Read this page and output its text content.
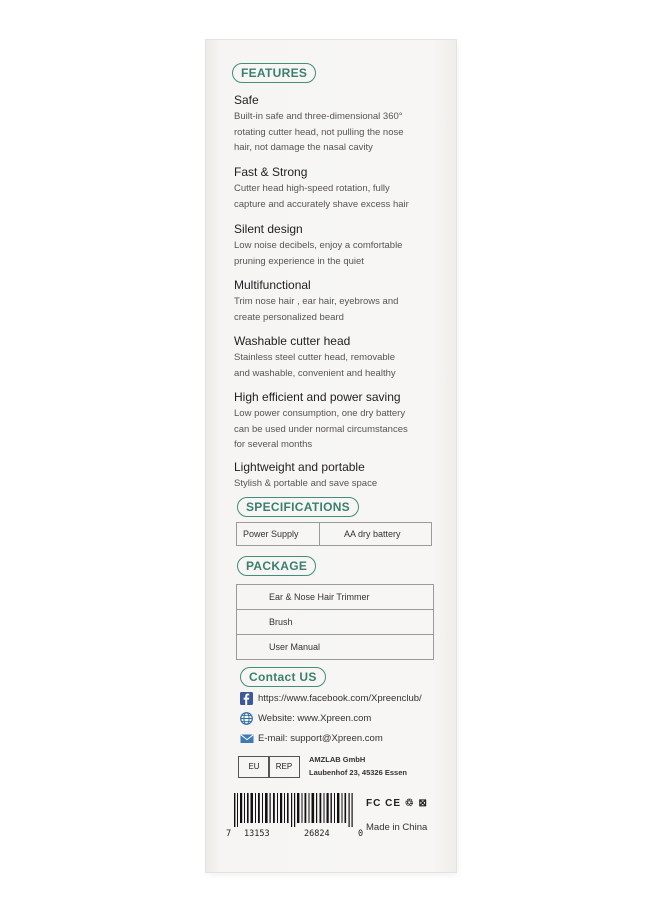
FEATURES
Safe

Built-in safe and three-dimensional 360°
rotating cutter head, not pulling the nose
hair, not damage the nasal cavity

Fast & Strong

Cutter head high-speed rotation, fully
capture and accurately shave excess hair

Silent design

Low noise decibels, enjoy a comfortable
pruning experience in the quiet

Multifunctional

Trim nose hair , ear hair, eyebrows and
create personalized beard

Washable cutter head

Stainless steel cutter head, removable
and washable, convenient and healthy

High efficient and power saving

Low power consumption, one dry battery
can be used under normal circumstances
for several months

Lightweight and portable

Stylish & portable and save space

SPECIFICATIONS
Power Supply	AA dry battery
PACKAGE
Ear & Nose Hair Trimmer
Brush
User Manual
Contact US
https://www.facebook.com/Xpreenclub/
Website: www.Xpreen.com
E-mail: support@Xpreen.com
EU	REP
AMZLAB GmbH
Laubenhof 23, 45326 Essen
7 13153	26824	0
FC CE ♲ ⊠
Made in China
